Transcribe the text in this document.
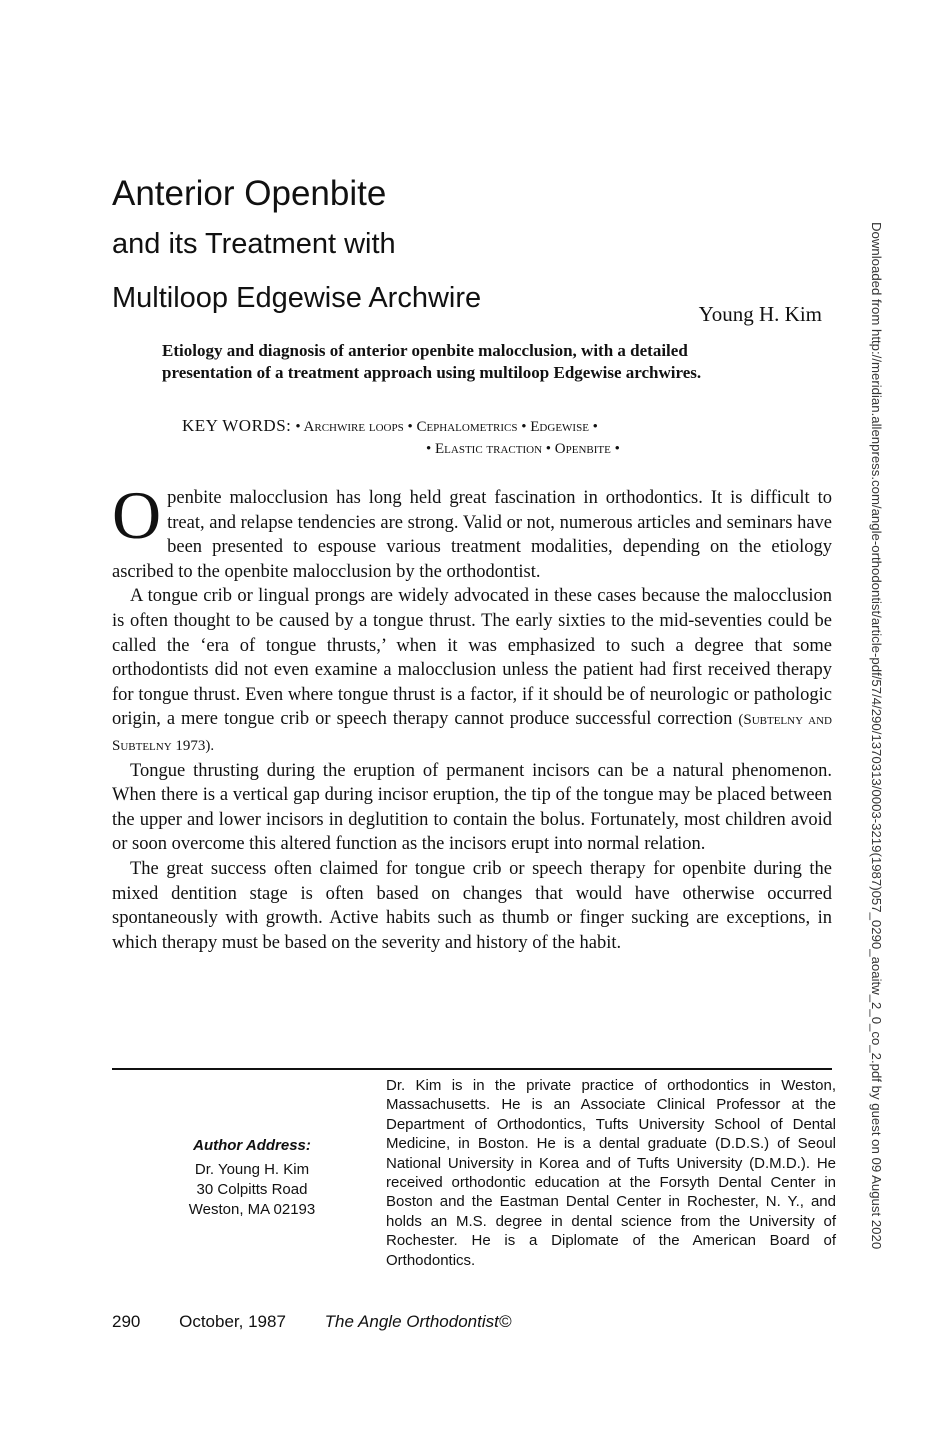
Anterior Openbite
and its Treatment with
Multiloop Edgewise Archwire	Young H. Kim
Etiology and diagnosis of anterior openbite malocclusion, with a detailed presentation of a treatment approach using multiloop Edgewise archwires.
KEY WORDS: • Archwire loops • Cephalometrics • Edgewise •
• Elastic traction • Openbite •

Openbite malocclusion has long held great fascination in orthodontics. It is difficult to treat, and relapse tendencies are strong. Valid or not, numerous articles and seminars have been presented to espouse various treatment modalities, depending on the etiology ascribed to the openbite malocclusion by the orthodontist.

A tongue crib or lingual prongs are widely advocated in these cases because the malocclusion is often thought to be caused by a tongue thrust. The early sixties to the mid-seventies could be called the ‘era of tongue thrusts,’ when it was emphasized to such a degree that some orthodontists did not even examine a malocclusion unless the patient had first received therapy for tongue thrust. Even where tongue thrust is a factor, if it should be of neurologic or pathologic origin, a mere tongue crib or speech therapy cannot produce successful correction (Subtelny and Subtelny 1973).

Tongue thrusting during the eruption of permanent incisors can be a natural phenomenon. When there is a vertical gap during incisor eruption, the tip of the tongue may be placed between the upper and lower incisors in deglutition to contain the bolus. Fortunately, most children avoid or soon overcome this altered function as the incisors erupt into normal relation.

The great success often claimed for tongue crib or speech therapy for openbite during the mixed dentition stage is often based on changes that would have otherwise occurred spontaneously with growth. Active habits such as thumb or finger sucking are exceptions, in which therapy must be based on the severity and history of the habit.

Author Address:
Dr. Young H. Kim
30 Colpitts Road
Weston, MA 02193
Dr. Kim is in the private practice of orthodontics in Weston, Massachusetts. He is an Associate Clinical Professor at the Department of Orthodontics, Tufts University School of Dental Medicine, in Boston. He is a dental graduate (D.D.S.) of Seoul National University in Korea and of Tufts University (D.M.D.). He received orthodontic education at the Forsyth Dental Center in Boston and the Eastman Dental Center in Rochester, N. Y., and holds an M.S. degree in dental science from the University of Rochester. He is a Diplomate of the American Board of Orthodontics.
290 October, 1987 The Angle Orthodontist©
Downloaded from http://meridian.allenpress.com/angle-orthodontist/article-pdf/57/4/290/1370313/0003-3219(1987)057_0290_aoaitw_2_0_co_2.pdf by guest on 09 August 2020
